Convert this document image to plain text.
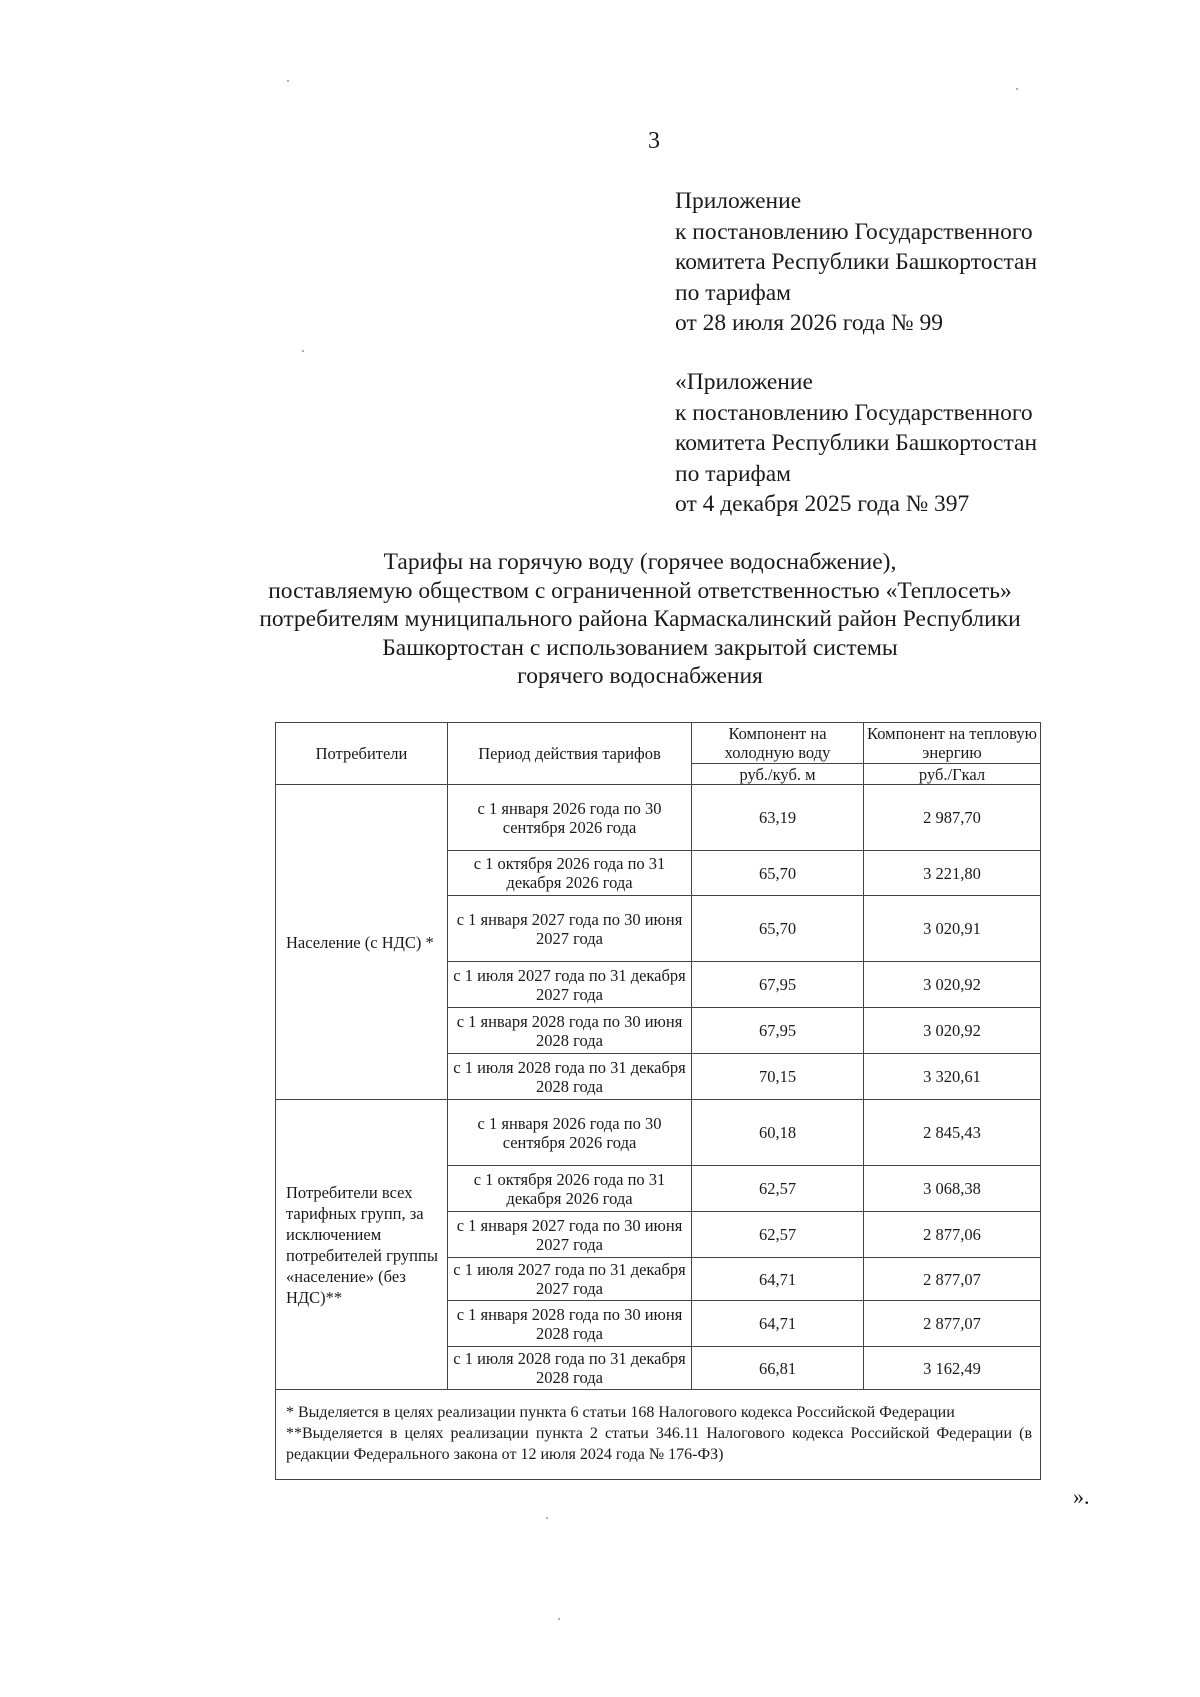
3
Приложение
к постановлению Государственного
комитета Республики Башкортостан
по тарифам
от 28 июля 2026 года № 99
«Приложение
к постановлению Государственного
комитета Республики Башкортостан
по тарифам
от 4 декабря 2025 года № 397
Тарифы на горячую воду (горячее водоснабжение),
поставляемую обществом с ограниченной ответственностью «Теплосеть»
потребителям муниципального района Кармаскалинский район Республики
Башкортостан с использованием закрытой системы
горячего водоснабжения
Потребители	Период действия тарифов	Компонент на холодную воду	Компонент на тепловую энергию
		руб./куб. м	руб./Гкал
Население (с НДС) *	с 1 января 2026 года по 30 сентября 2026 года	63,19	2 987,70
	с 1 октября 2026 года по 31 декабря 2026 года	65,70	3 221,80
	с 1 января 2027 года по 30 июня 2027 года	65,70	3 020,91
	с 1 июля 2027 года по 31 декабря 2027 года	67,95	3 020,92
	с 1 января 2028 года по 30 июня 2028 года	67,95	3 020,92
	с 1 июля 2028 года по 31 декабря 2028 года	70,15	3 320,61
Потребители всех тарифных групп, за исключением потребителей группы «население» (без НДС)**	с 1 января 2026 года по 30 сентября 2026 года	60,18	2 845,43
	с 1 октября 2026 года по 31 декабря 2026 года	62,57	3 068,38
	с 1 января 2027 года по 30 июня 2027 года	62,57	2 877,06
	с 1 июля 2027 года по 31 декабря 2027 года	64,71	2 877,07
	с 1 января 2028 года по 30 июня 2028 года	64,71	2 877,07
	с 1 июля 2028 года по 31 декабря 2028 года	66,81	3 162,49

* Выделяется в целях реализации пункта 6 статьи 168 Налогового кодекса Российской Федерации
**Выделяется в целях реализации пункта 2 статьи 346.11 Налогового кодекса Российской Федерации (в редакции Федерального закона от 12 июля 2024 года № 176-ФЗ)			
».
